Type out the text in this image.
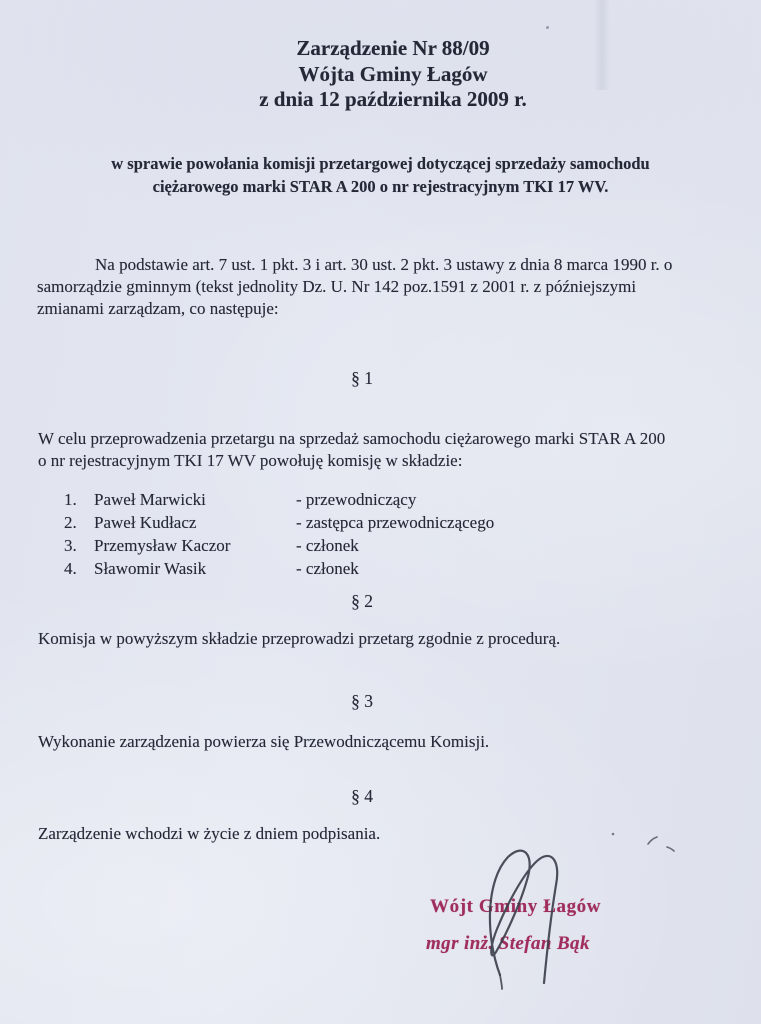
Zarządzenie Nr 88/09
Wójta Gminy Łagów
z dnia 12 października 2009 r.
w sprawie powołania komisji przetargowej dotyczącej sprzedaży samochodu
ciężarowego marki STAR A 200 o nr rejestracyjnym TKI 17 WV.
Na podstawie art. 7 ust. 1 pkt. 3 i art. 30 ust. 2 pkt. 3 ustawy z dnia 8 marca 1990 r. o
samorządzie gminnym (tekst jednolity Dz. U. Nr 142 poz.1591 z 2001 r. z późniejszymi
zmianami zarządzam, co następuje:
§ 1
W celu przeprowadzenia przetargu na sprzedaż samochodu ciężarowego marki STAR A 200
o nr rejestracyjnym TKI 17 WV powołuję komisję w składzie:
1. Paweł Marwicki	- przewodniczący
2. Paweł Kudłacz	- zastępca przewodniczącego
3. Przemysław Kaczor	- członek
4. Sławomir Wasik	- członek
§ 2
Komisja w powyższym składzie przeprowadzi przetarg zgodnie z procedurą.
§ 3
Wykonanie zarządzenia powierza się Przewodniczącemu Komisji.
§ 4
Zarządzenie wchodzi w życie z dniem podpisania.
Wójt Gminy Łagów
mgr inż. Stefan Bąk
